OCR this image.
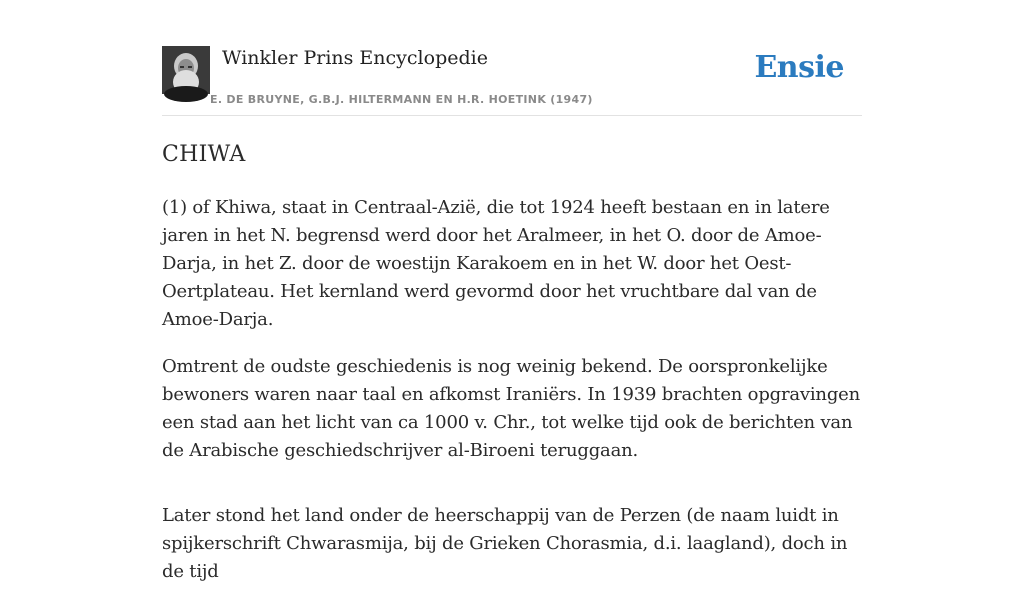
Winkler Prins Encyclopedie
E. DE BRUYNE, G.B.J. HILTERMANN EN H.R. HOETINK (1947)
Ensie
CHIWA

(1) of Khiwa, staat in Centraal-Azië, die tot 1924 heeft bestaan en in latere jaren in het N. begrensd werd door het Aralmeer, in het O. door de Amoe-Darja, in het Z. door de woestijn Karakoem en in het W. door het Oest-Oertplateau. Het kernland werd gevormd door het vruchtbare dal van de Amoe-Darja.

Omtrent de oudste geschiedenis is nog weinig bekend. De oorspronkelijke bewoners waren naar taal en afkomst Iraniërs. In 1939 brachten opgravingen een stad aan het licht van ca 1000 v. Chr., tot welke tijd ook de berichten van de Arabische geschiedschrijver al-Biroeni teruggaan.

Later stond het land onder de heerschappij van de Perzen (de naam luidt in spijkerschrift Chwarasmija, bij de Grieken Chorasmia, d.i. laagland), doch in de tijd
